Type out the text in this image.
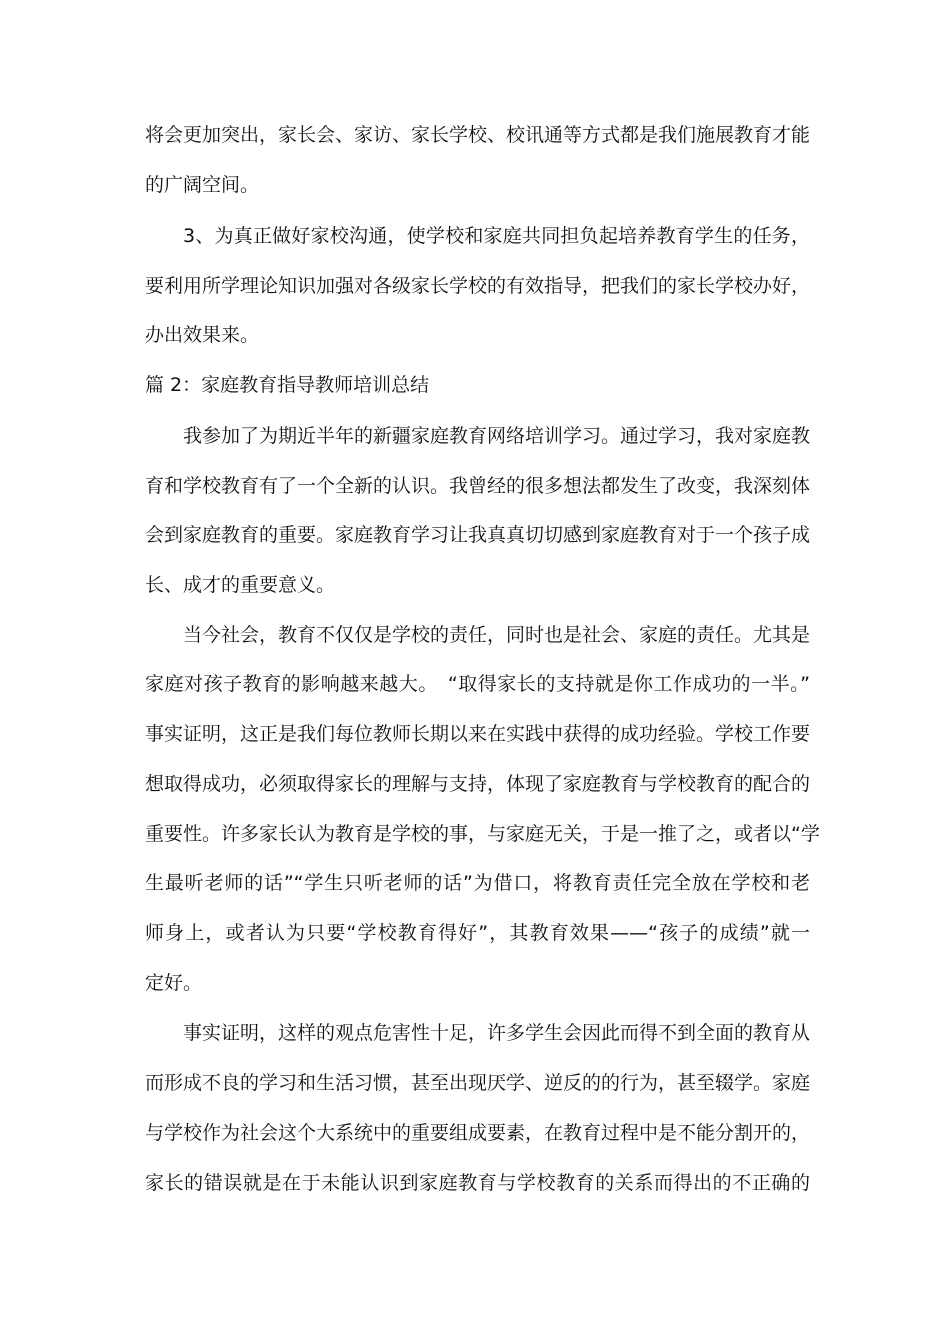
将会更加突出，家长会、家访、家长学校、校讯通等方式都是我们施展教育才能
的广阔空间。
3、为真正做好家校沟通，使学校和家庭共同担负起培养教育学生的任务，
要利用所学理论知识加强对各级家长学校的有效指导，把我们的家长学校办好，
办出效果来。
篇 2：家庭教育指导教师培训总结
我参加了为期近半年的新疆家庭教育网络培训学习。通过学习，我对家庭教
育和学校教育有了一个全新的认识。我曾经的很多想法都发生了改变，我深刻体
会到家庭教育的重要。家庭教育学习让我真真切切感到家庭教育对于一个孩子成
长、成才的重要意义。
当今社会，教育不仅仅是学校的责任，同时也是社会、家庭的责任。尤其是
家庭对孩子教育的影响越来越大。　“取得家长的支持就是你工作成功的一半。”
事实证明，这正是我们每位教师长期以来在实践中获得的成功经验。学校工作要
想取得成功，必须取得家长的理解与支持，体现了家庭教育与学校教育的配合的
重要性。许多家长认为教育是学校的事，与家庭无关，于是一推了之，或者以“学
生最听老师的话”“学生只听老师的话”为借口，将教育责任完全放在学校和老
师身上，或者认为只要“学校教育得好”，其教育效果——“孩子的成绩”就一
定好。
事实证明，这样的观点危害性十足，许多学生会因此而得不到全面的教育从
而形成不良的学习和生活习惯，甚至出现厌学、逆反的的行为，甚至辍学。家庭
与学校作为社会这个大系统中的重要组成要素，在教育过程中是不能分割开的，
家长的错误就是在于未能认识到家庭教育与学校教育的关系而得出的不正确的
